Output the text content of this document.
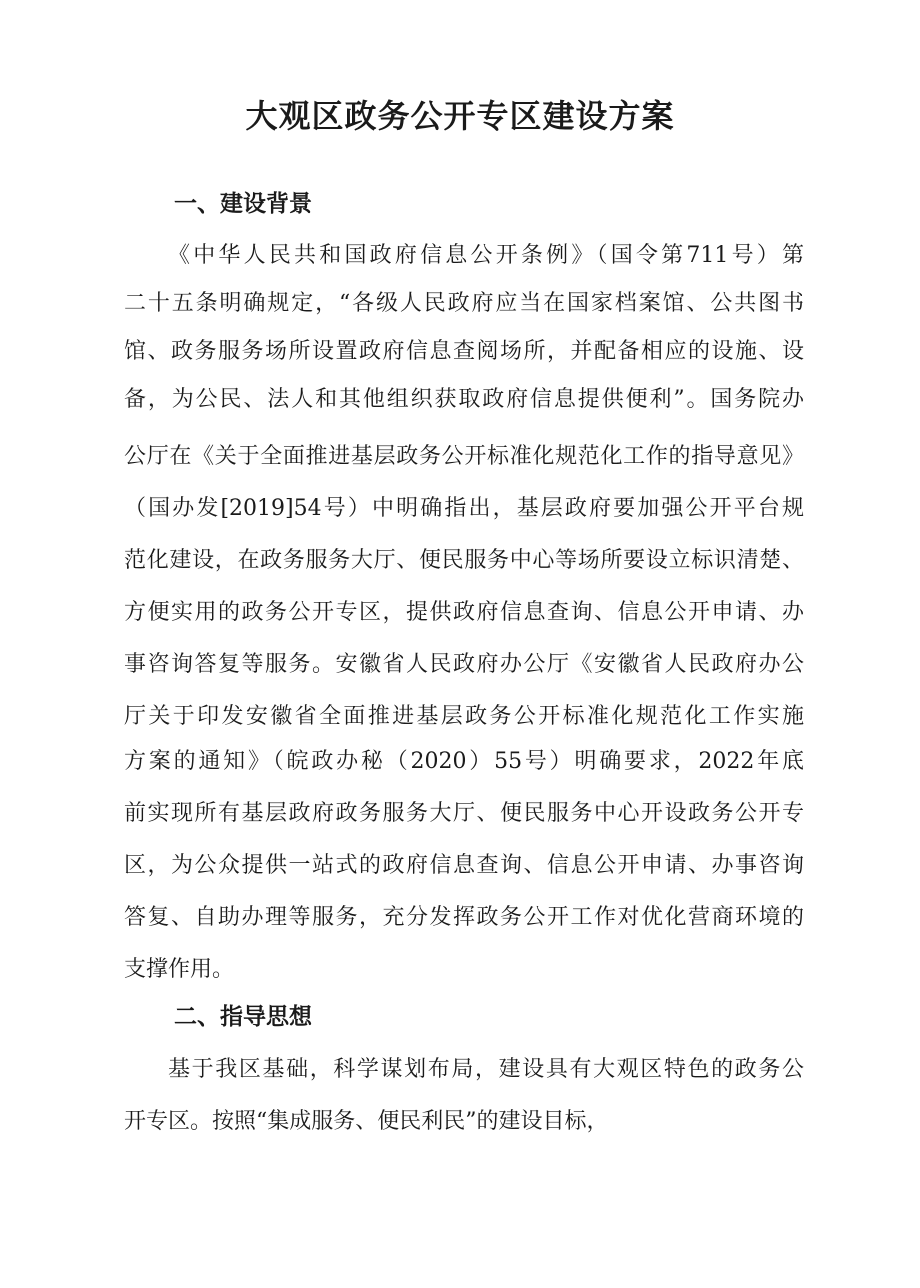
大观区政务公开专区建设方案
一、建设背景

《中华人民共和国政府信息公开条例》（国令第711号）第

二十五条明确规定，“各级人民政府应当在国家档案馆、公共图书

馆、政务服务场所设置政府信息查阅场所，并配备相应的设施、设

备，为公民、法人和其他组织获取政府信息提供便利”。国务院办

公厅在《关于全面推进基层政务公开标准化规范化工作的指导意见》

（国办发[2019]54号）中明确指出，基层政府要加强公开平台规

范化建设，在政务服务大厅、便民服务中心等场所要设立标识清楚、

方便实用的政务公开专区，提供政府信息查询、信息公开申请、办

事咨询答复等服务。安徽省人民政府办公厅《安徽省人民政府办公

厅关于印发安徽省全面推进基层政务公开标准化规范化工作实施

方案的通知》（皖政办秘（2020）55号）明确要求，2022年底

前实现所有基层政府政务服务大厅、便民服务中心开设政务公开专

区，为公众提供一站式的政府信息查询、信息公开申请、办事咨询

答复、自助办理等服务，充分发挥政务公开工作对优化营商环境的

支撑作用。

二、指导思想

基于我区基础，科学谋划布局，建设具有大观区特色的政务公

开专区。按照“集成服务、便民利民”的建设目标，
